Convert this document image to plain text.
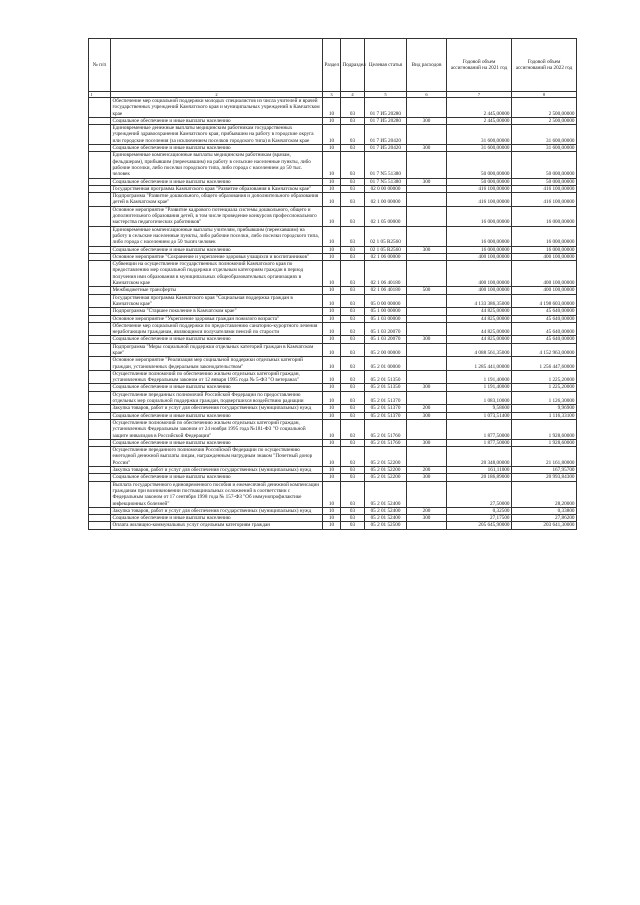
№ п/п	Наименование	Раздел	Подраздел	Целевая статья	Вид расходов	Годовой объем ассигнований на 2021 год	Годовой объем ассигнований на 2022 год
1	2	3	4	5	6	7	8
	Обеспечение мер социальной поддержки молодых специалистов из числа учителей и врачей государственных учреждений Камчатского края и муниципальных учреждений в Камчатском крае	10	03	01 7 И5 20280		2 445,00000	2 500,00000
	Социальное обеспечение и иные выплаты населению	10	03	01 7 И5 20280	300	2 445,00000	2 500,00000
	Единовременные денежные выплаты медицинским работникам государственных учреждений здравоохранения Камчатского края, прибывшим на работу в городские округа или городские поселения (за исключением поселков городского типа) в Камчатском крае	10	03	01 7 И5 20420		31 600,00000	31 600,00000
	Социальное обеспечение и иные выплаты населению	10	03	01 7 И5 20420	300	31 600,00000	31 600,00000
	Единовременные компенсационные выплаты медицинским работникам (врачам, фельдшерам), прибывшим (переехавшим) на работу в сельские населенные пункты, либо рабочие поселки, либо поселки городского типа, либо города с населением до 50 тыс. человек	10	03	01 7 N5 51380		50 000,00000	50 000,00000
	Социальное обеспечение и иные выплаты населению	10	03	01 7 N5 51380	300	50 000,00000	50 000,00000
	Государственная программа Камчатского края "Развитие образования в Камчатском крае"	10	03	02 0 00 00000		416 100,00000	416 100,00000
	Подпрограмма "Развитие дошкольного, общего образования и дополнительного образования детей в Камчатском крае"	10	03	02 1 00 00000		416 100,00000	416 100,00000
	Основное мероприятие "Развитие кадрового потенциала системы дошкольного, общего и дополнительного образования детей, в том числе проведение конкурсов профессионального мастерства педагогических работников"	10	03	02 1 05 00000		16 000,00000	16 000,00000
	Единовременные компенсационные выплаты учителям, прибывшим (переехавшим) на работу в сельские населенные пункты, либо рабочие поселки, либо поселки городского типа, либо города с населением до 50 тысяч человек	10	03	02 1 05 R2560		16 000,00000	16 000,00000
	Социальное обеспечение и иные выплаты населению	10	03	02 1 05 R2560	300	16 000,00000	16 000,00000
	Основное мероприятие "Сохранение и укрепление здоровья учащихся и воспитанников"	10	03	02 1 06 00000		400 100,00000	400 100,00000
	Субвенции на осуществление государственных полномочий Камчатского края по предоставлению мер социальной поддержки отдельным категориям граждан в период получения ими образования в муниципальных общеобразовательных организациях в Камчатском крае	10	03	02 1 06 40180		400 100,00000	400 100,00000
	Межбюджетные трансферты	10	03	02 1 06 40180	500	400 100,00000	400 100,00000
	Государственная программа Камчатского края "Социальная поддержка граждан в Камчатском крае"	10	03	05 0 00 00000		4 133 386,35000	4 198 603,00000
	Подпрограмма "Старшее поколение в Камчатском крае"	10	03	05 1 00 00000		44 825,00000	45 640,00000
	Основное мероприятие "Укрепление здоровья граждан пожилого возраста"	10	03	05 1 03 00000		44 825,00000	45 640,00000
	Обеспечение мер социальной поддержки по предоставлению санаторно-курортного лечения неработающим гражданам, являющимся получателями пенсий по старости	10	03	05 1 03 20070		44 825,00000	45 640,00000
	Социальное обеспечение и иные выплаты населению	10	03	05 1 03 20070	300	44 825,00000	45 640,00000
	Подпрограмма "Меры социальной поддержки отдельных категорий граждан в Камчатском крае"	10	03	05 2 00 00000		4 088 561,35000	4 152 963,00000
	Основное мероприятие "Реализация мер социальной поддержки отдельных категорий граждан, установленных федеральным законодательством"	10	03	05 2 01 00000		1 285 441,00000	1 256 447,60000
	Осуществление полномочий по обеспечению жильем отдельных категорий граждан, установленных Федеральным законом от 12 января 1995 года № 5-ФЗ "О ветеранах"	10	03	05 2 01 51350		1 191,40000	1 225,20000
	Социальное обеспечение и иные выплаты населению	10	03	05 2 01 51350	300	1 191,40000	1 225,20000
	Осуществление переданных полномочий Российской Федерации по предоставлению отдельных мер социальной поддержки граждан, подвергшихся воздействию радиации	10	03	05 2 01 51370		1 083,10000	1 126,30000
	Закупка товаров, работ и услуг для обеспечения государственных (муниципальных) нужд	10	03	05 2 01 51370	200	9,58600	9,96900
	Социальное обеспечение и иные выплаты населению	10	03	05 2 01 51370	300	1 073,51400	1 116,33100
	Осуществление полномочий по обеспечению жильем отдельных категорий граждан, установленных Федеральным законом от 24 ноября 1995 года №181-ФЗ "О социальной защите инвалидов в Российской Федерации"	10	03	05 2 01 51760		1 877,50000	1 928,60000
	Социальное обеспечение и иные выплаты населению	10	03	05 2 01 51760	300	1 877,50000	1 928,60000
	Осуществление переданного полномочия Российской Федерации по осуществлению ежегодной денежной выплаты лицам, награжденным нагрудным знаком "Почетный донор России"	10	03	05 2 01 52200		20 348,00000	21 161,80000
	Закупка товаров, работ и услуг для обеспечения государственных (муниципальных) нужд	10	03	05 2 01 52200	200	161,11000	167,95700
	Социальное обеспечение и иные выплаты населению	10	03	05 2 01 52200	300	20 186,89000	20 993,84300
	Выплата государственного единовременного пособия и ежемесячной денежной компенсации гражданам при возникновении поствакцинальных осложнений в соответствии с Федеральным законом от 17 сентября 1998 года № 157-ФЗ "Об иммунопрофилактике инфекционных болезней"	10	03	05 2 01 52400		27,50000	28,20000
	Закупка товаров, работ и услуг для обеспечения государственных (муниципальных) нужд	10	03	05 2 01 52400	200	0,32500	0,33800
	Социальное обеспечение и иные выплаты населению	10	03	05 2 01 52400	300	27,17500	27,86200
	Оплата жилищно-коммунальных услуг отдельным категориям граждан	10	03	05 2 01 52500		205 645,90000	203 641,30000
